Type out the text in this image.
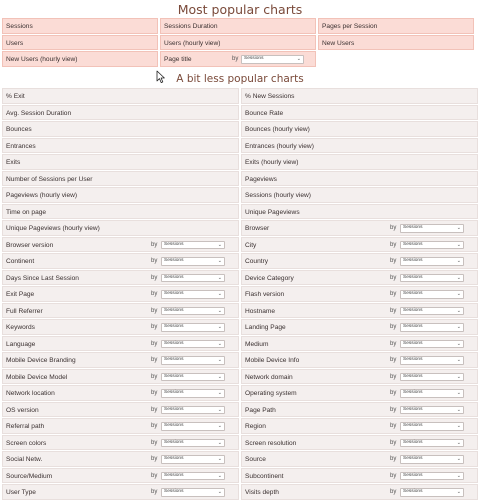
Most popular charts
Sessions	Sessions Duration	Pages per Session
Users	Users (hourly view)	New Users
New Users (hourly view)	Page title	by	Sessions	⌄
A bit less popular charts
% Exit	% New Sessions
Avg. Session Duration	Bounce Rate
Bounces	Bounces (hourly view)
Entrances	Entrances (hourly view)
Exits	Exits (hourly view)
Number of Sessions per User	Pageviews
Pageviews (hourly view)	Sessions (hourly view)
Time on page	Unique Pageviews
Unique Pageviews (hourly view)	Browser	by	Sessions	⌄
Browser version	by	Sessions	⌄	City	by	Sessions	⌄
Continent	by	Sessions	⌄	Country	by	Sessions	⌄
Days Since Last Session	by	Sessions	⌄	Device Category	by	Sessions	⌄
Exit Page	by	Sessions	⌄	Flash version	by	Sessions	⌄
Full Referrer	by	Sessions	⌄	Hostname	by	Sessions	⌄
Keywords	by	Sessions	⌄	Landing Page	by	Sessions	⌄
Language	by	Sessions	⌄	Medium	by	Sessions	⌄
Mobile Device Branding	by	Sessions	⌄	Mobile Device Info	by	Sessions	⌄
Mobile Device Model	by	Sessions	⌄	Network domain	by	Sessions	⌄
Network location	by	Sessions	⌄	Operating system	by	Sessions	⌄
OS version	by	Sessions	⌄	Page Path	by	Sessions	⌄
Referral path	by	Sessions	⌄	Region	by	Sessions	⌄
Screen colors	by	Sessions	⌄	Screen resolution	by	Sessions	⌄
Social Netw.	by	Sessions	⌄	Source	by	Sessions	⌄
Source/Medium	by	Sessions	⌄	Subcontinent	by	Sessions	⌄
User Type	by	Sessions	⌄	Visits depth	by	Sessions	⌄
